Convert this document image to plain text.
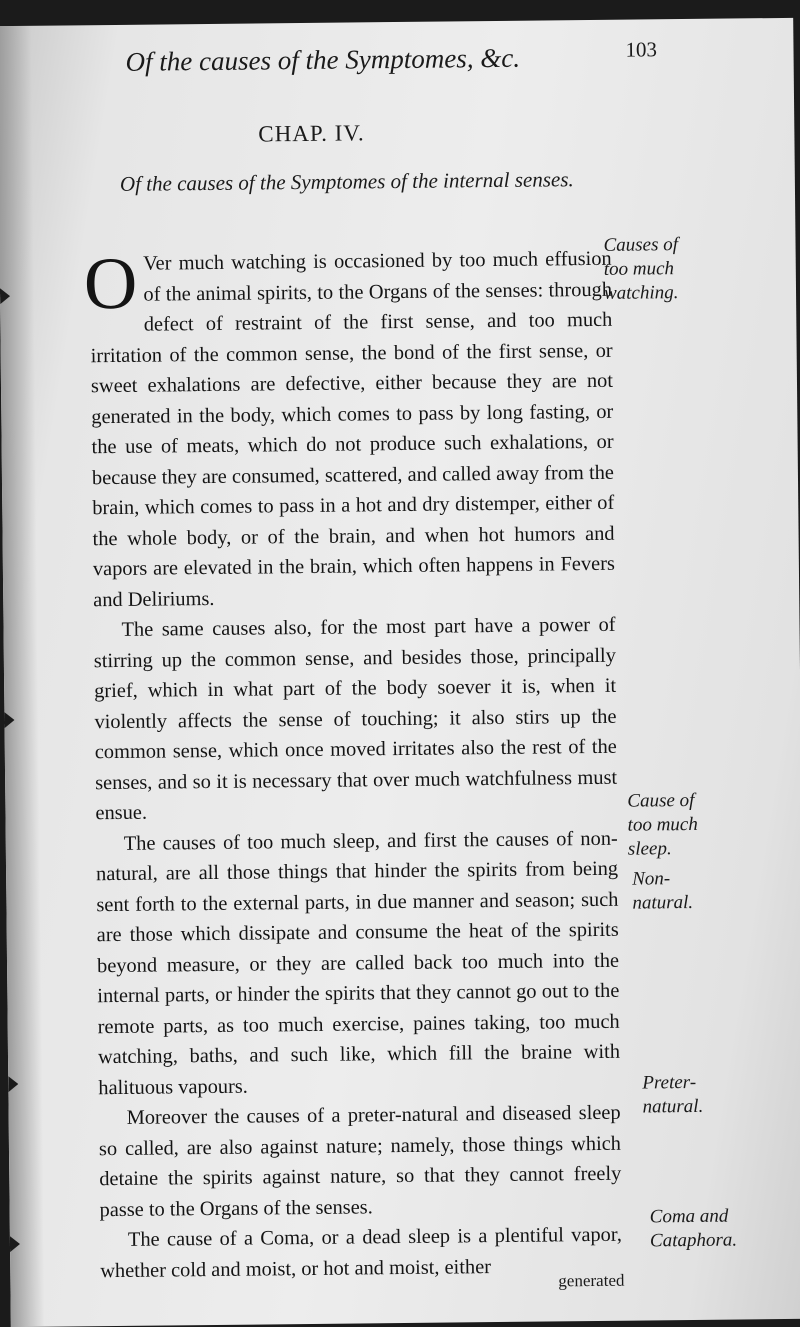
Of the causes of the Symptomes, &c.	103
CHAP. IV.
Of the causes of the Symptomes of the internal senses.

O Ver much watching is occasioned by too much effusion of the animal spirits, to the Organs of the senses: through defect of restraint of the first sense, and too much irritation of the common sense, the bond of the first sense, or sweet exhalations are defective, either because they are not generated in the body, which comes to pass by long fasting, or the use of meats, which do not produce such exhalations, or because they are consumed, scattered, and called away from the brain, which comes to pass in a hot and dry distemper, either of the whole body, or of the brain, and when hot humors and vapors are elevated in the brain, which often happens in Fevers and Deliriums.

The same causes also, for the most part have a power of stirring up the common sense, and besides those, principally grief, which in what part of the body soever it is, when it violently affects the sense of touching; it also stirs up the common sense, which once moved irritates also the rest of the senses, and so it is necessary that over much watchfulness must ensue.

The causes of too much sleep, and first the causes of non-natural, are all those things that hinder the spirits from being sent forth to the external parts, in due manner and season; such are those which dissipate and consume the heat of the spirits beyond measure, or they are called back too much into the internal parts, or hinder the spirits that they cannot go out to the remote parts, as too much exercise, paines taking, too much watching, baths, and such like, which fill the braine with halituous vapours.

Moreover the causes of a preter-natural and diseased sleep so called, are also against nature; namely, those things which detaine the spirits against nature, so that they cannot freely passe to the Organs of the senses.

The cause of a Coma, or a dead sleep is a plentiful vapor, whether cold and moist, or hot and moist, either

Causes of too much watching.
Cause of too much sleep.
Non-natural.
Preter-natural.
Coma and Cataphora.
generated
